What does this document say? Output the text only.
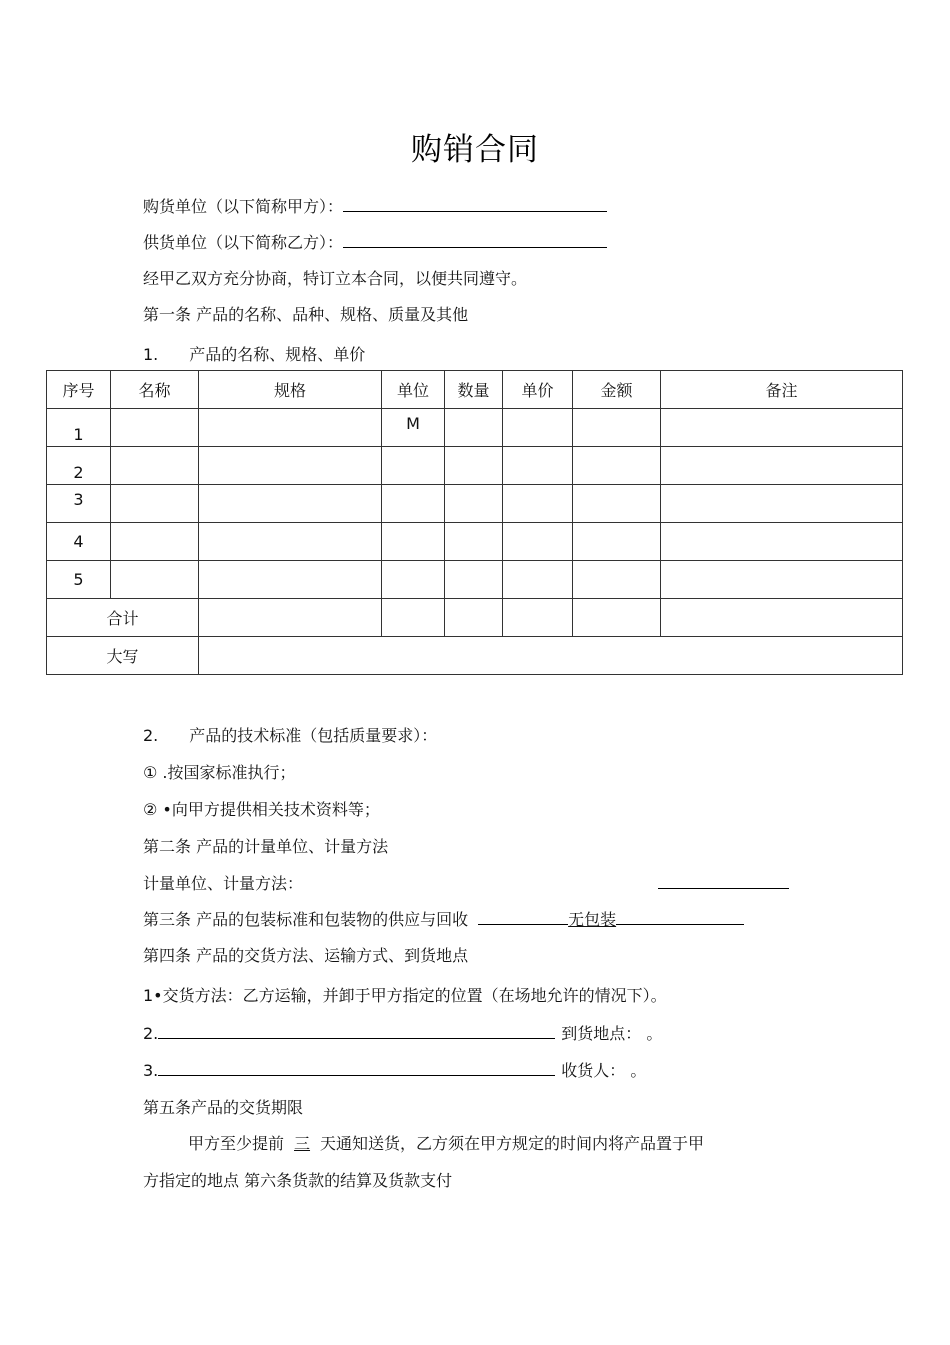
购销合同
购货单位（以下简称甲方）：
供货单位（以下简称乙方）：
经甲乙双方充分协商，特订立本合同，以便共同遵守。
第一条 产品的名称、品种、规格、质量及其他
1. 产品的名称、规格、单价
序号	名称	规格	单位	数量	单价	金额	备注
1			M				
2							
3							
4							
5							
合计							
大写							
2. 产品的技术标准（包括质量要求）：
① .按国家标准执行；
② •向甲方提供相关技术资料等；
第二条 产品的计量单位、计量方法
计量单位、计量方法：
第三条 产品的包装标准和包装物的供应与回收	无包装
第四条 产品的交货方法、运输方式、到货地点
1•交货方法：乙方运输，并卸于甲方指定的位置（在场地允许的情况下）。
2.	到货地点： 。
3.	收货人： 。
第五条产品的交货期限
甲方至少提前 三 天通知送货，乙方须在甲方规定的时间内将产品置于甲
方指定的地点 第六条货款的结算及货款支付
